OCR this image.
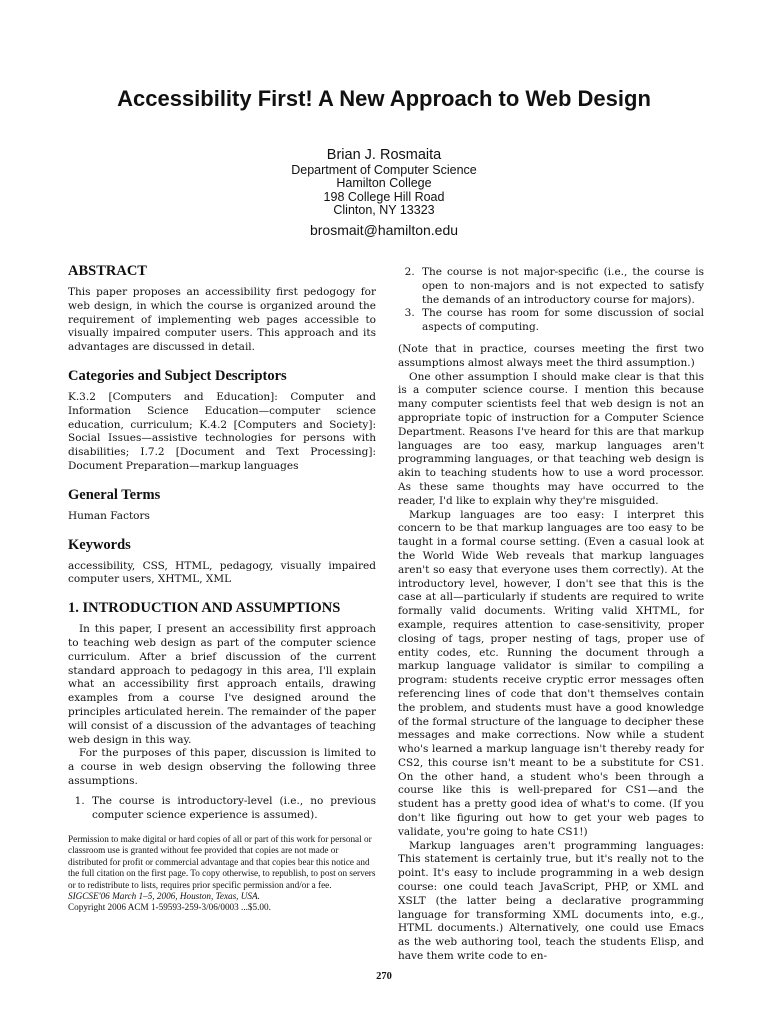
Accessibility First! A New Approach to Web Design
Brian J. Rosmaita
Department of Computer Science
Hamilton College
198 College Hill Road
Clinton, NY 13323
brosmait@hamilton.edu
ABSTRACT

This paper proposes an accessibility first pedogogy for web design, in which the course is organized around the requirement of implementing web pages accessible to visually impaired computer users. This approach and its advantages are discussed in detail.

Categories and Subject Descriptors

K.3.2 [Computers and Education]: Computer and Information Science Education—computer science education, curriculum; K.4.2 [Computers and Society]: Social Issues—assistive technologies for persons with disabilities; I.7.2 [Document and Text Processing]: Document Preparation—markup languages

General Terms

Human Factors

Keywords

accessibility, CSS, HTML, pedagogy, visually impaired computer users, XHTML, XML

1. INTRODUCTION AND ASSUMPTIONS

In this paper, I present an accessibility first approach to teaching web design as part of the computer science curriculum. After a brief discussion of the current standard approach to pedagogy in this area, I'll explain what an accessibility first approach entails, drawing examples from a course I've designed around the principles articulated herein. The remainder of the paper will consist of a discussion of the advantages of teaching web design in this way.

For the purposes of this paper, discussion is limited to a course in web design observing the following three assumptions.

1. The course is introductory-level (i.e., no previous computer science experience is assumed).

Permission to make digital or hard copies of all or part of this work for personal or classroom use is granted without fee provided that copies are not made or distributed for profit or commercial advantage and that copies bear this notice and the full citation on the first page. To copy otherwise, to republish, to post on servers or to redistribute to lists, requires prior specific permission and/or a fee.

SIGCSE'06 March 1–5, 2006, Houston, Texas, USA.

Copyright 2006 ACM 1-59593-259-3/06/0003 ...$5.00.

2. The course is not major-specific (i.e., the course is open to non-majors and is not expected to satisfy the demands of an introductory course for majors).
3. The course has room for some discussion of social aspects of computing.

(Note that in practice, courses meeting the first two assumptions almost always meet the third assumption.)

One other assumption I should make clear is that this is a computer science course. I mention this because many computer scientists feel that web design is not an appropriate topic of instruction for a Computer Science Department. Reasons I've heard for this are that markup languages are too easy, markup languages aren't programming languages, or that teaching web design is akin to teaching students how to use a word processor. As these same thoughts may have occurred to the reader, I'd like to explain why they're misguided.

Markup languages are too easy: I interpret this concern to be that markup languages are too easy to be taught in a formal course setting. (Even a casual look at the World Wide Web reveals that markup languages aren't so easy that everyone uses them correctly). At the introductory level, however, I don't see that this is the case at all—particularly if students are required to write formally valid documents. Writing valid XHTML, for example, requires attention to case-sensitivity, proper closing of tags, proper nesting of tags, proper use of entity codes, etc. Running the document through a markup language validator is similar to compiling a program: students receive cryptic error messages often referencing lines of code that don't themselves contain the problem, and students must have a good knowledge of the formal structure of the language to decipher these messages and make corrections. Now while a student who's learned a markup language isn't thereby ready for CS2, this course isn't meant to be a substitute for CS1. On the other hand, a student who's been through a course like this is well-prepared for CS1—and the student has a pretty good idea of what's to come. (If you don't like figuring out how to get your web pages to validate, you're going to hate CS1!)

Markup languages aren't programming languages: This statement is certainly true, but it's really not to the point. It's easy to include programming in a web design course: one could teach JavaScript, PHP, or XML and XSLT (the latter being a declarative programming language for transforming XML documents into, e.g., HTML documents.) Alternatively, one could use Emacs as the web authoring tool, teach the students Elisp, and have them write code to en-

270
